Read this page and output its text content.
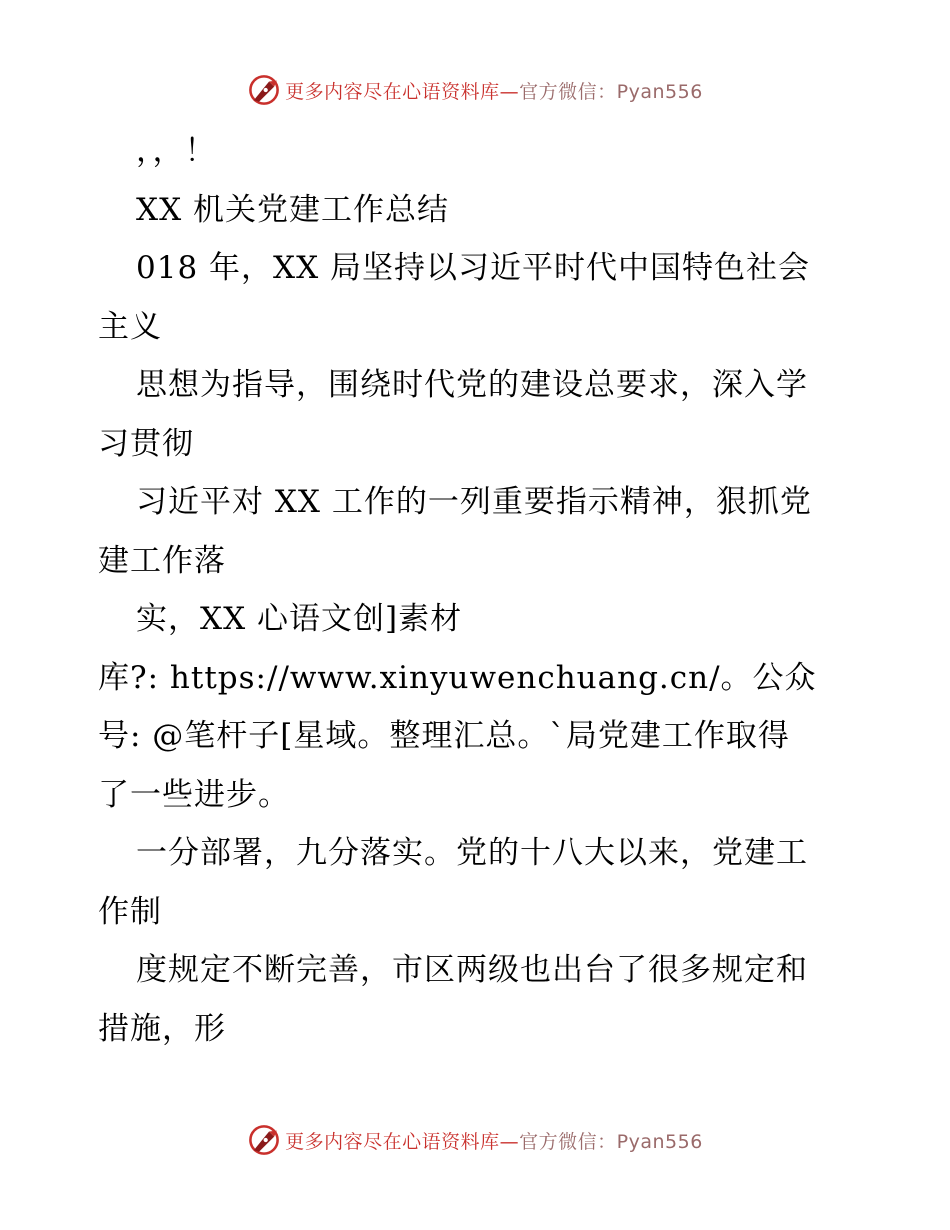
更多内容尽在心语资料库—官方微信：Pyan556
，，！
XX 机关党建工作总结
018 年，XX 局坚持以习近平时代中国特色社会
主义
思想为指导，围绕时代党的建设总要求，深入学
习贯彻
习近平对 XX 工作的一列重要指示精神，狠抓党
建工作落
实，XX 心语文创]素材
库?: https://www.xinyuwenchuang.cn/。公众
号: @笔杆子[星域。整理汇总。`局党建工作取得
了一些进步。
一分部署，九分落实。党的十八大以来，党建工
作制
度规定不断完善，市区两级也出台了很多规定和
措施，形
更多内容尽在心语资料库—官方微信：Pyan556
